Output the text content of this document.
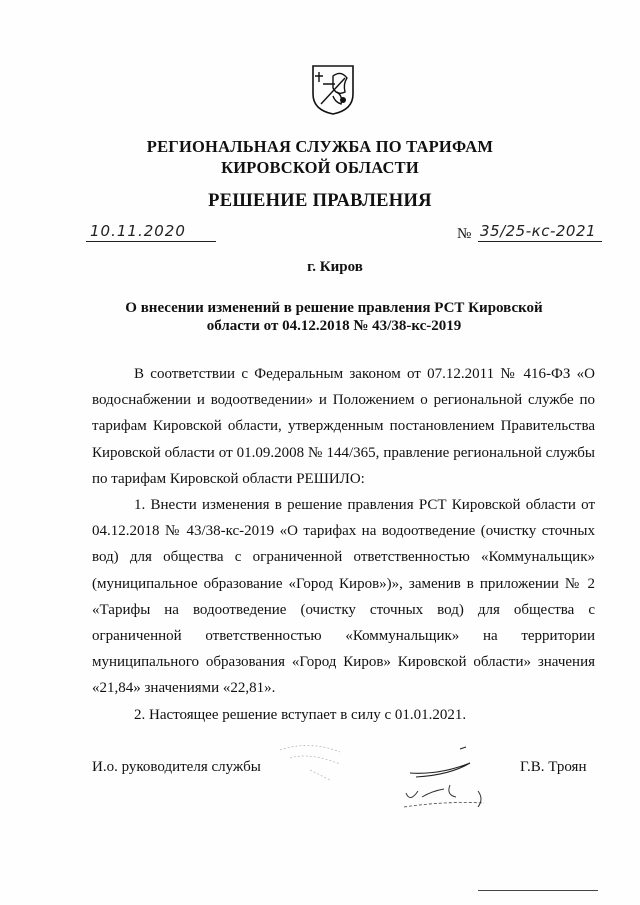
РЕГИОНАЛЬНАЯ СЛУЖБА ПО ТАРИФАМ
КИРОВСКОЙ ОБЛАСТИ
РЕШЕНИЕ ПРАВЛЕНИЯ
10.11.2020	№ 35/25-кс-2021
г. Киров
О внесении изменений в решение правления РСТ Кировской
области от 04.12.2018 № 43/38-кс-2019

В соответствии с Федеральным законом от 07.12.2011 № 416-ФЗ «О водоснабжении и водоотведении» и Положением о региональной службе по тарифам Кировской области, утвержденным постановлением Правительства Кировской области от 01.09.2008 № 144/365, правление региональной службы по тарифам Кировской области РЕШИЛО:

1. Внести изменения в решение правления РСТ Кировской области от 04.12.2018 № 43/38-кс-2019 «О тарифах на водоотведение (очистку сточных вод) для общества с ограниченной ответственностью «Коммунальщик» (муниципальное образование «Город Киров»)», заменив в приложении № 2 «Тарифы на водоотведение (очистку сточных вод) для общества с ограниченной ответственностью «Коммунальщик» на территории муниципального образования «Город Киров» Кировской области» значения «21,84» значениями «22,81».

2. Настоящее решение вступает в силу с 01.01.2021.

И.о. руководителя службы	Г.В. Троян
